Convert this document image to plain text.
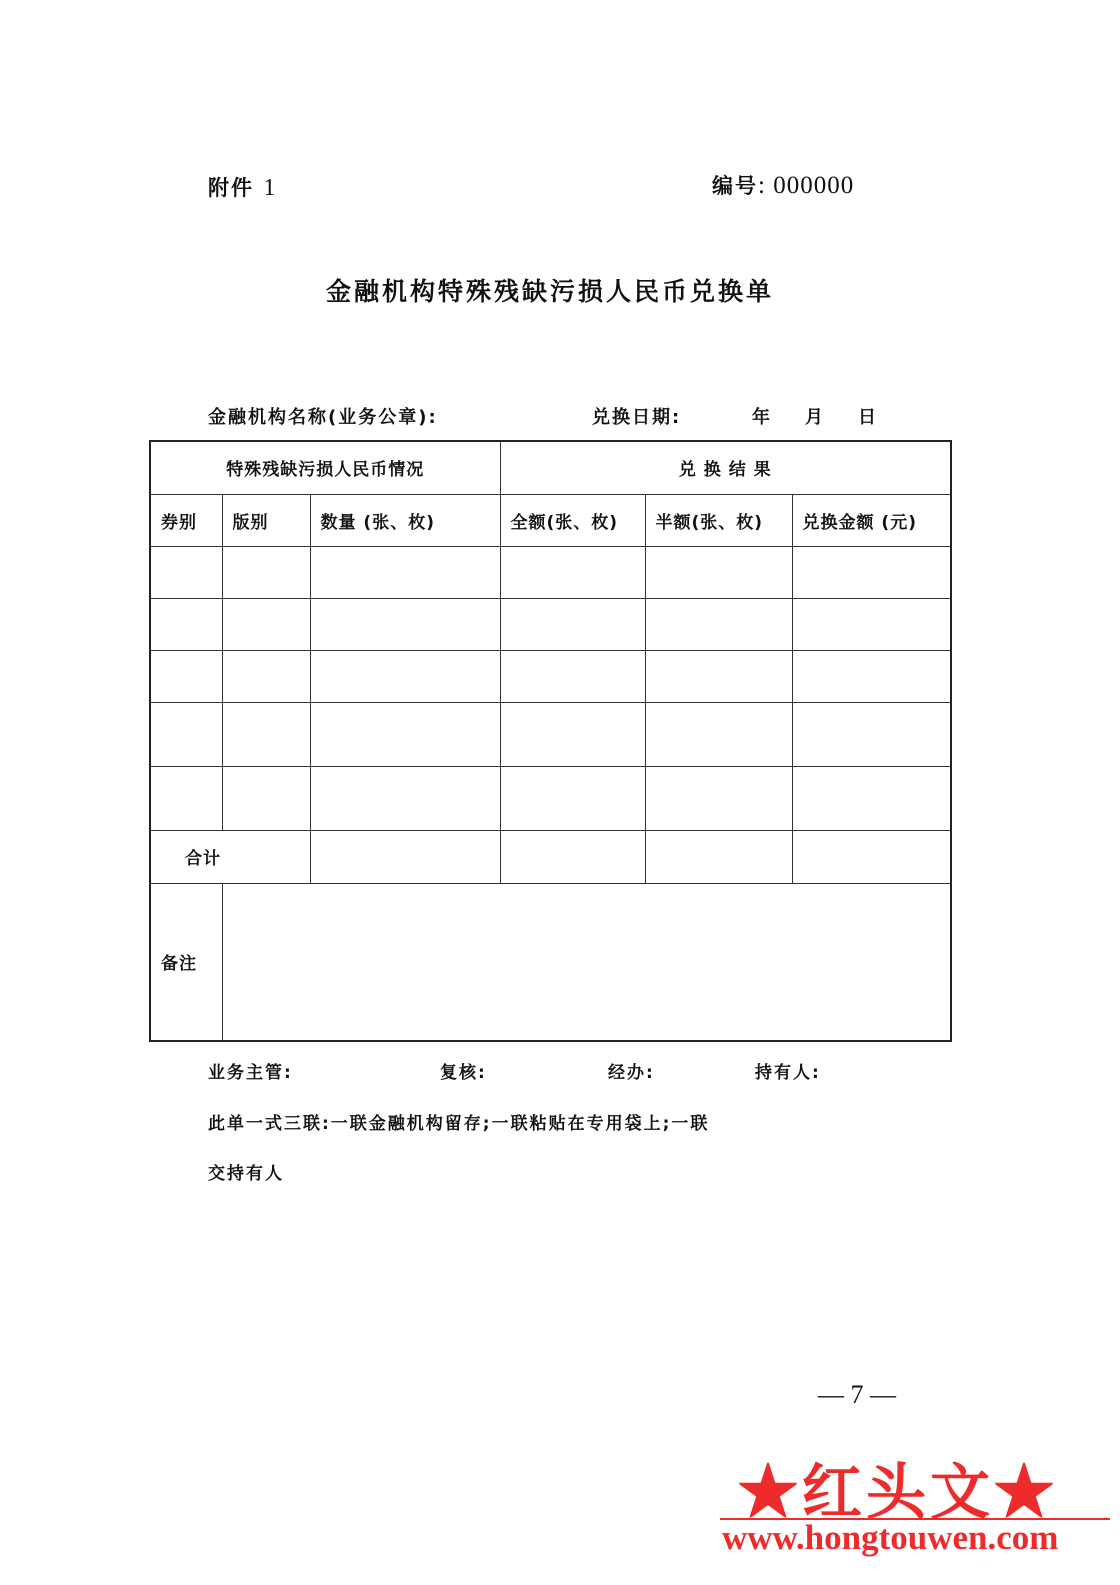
附件 1	编号: 000000
金融机构特殊残缺污损人民币兑换单
金融机构名称(业务公章):	兑换日期:	年 月 日
特殊残缺污损人民币情况			兑 换 结 果		
券别	版别	数量 (张、枚)	全额(张、枚)	半额(张、枚)	兑换金额 (元)

合计					
备注					
业务主管:	复核:	经办:	持有人:
此单一式三联:一联金融机构留存;一联粘贴在专用袋上;一联
交持有人
— 7 —
★红头文★
www.hongtouwen.com
